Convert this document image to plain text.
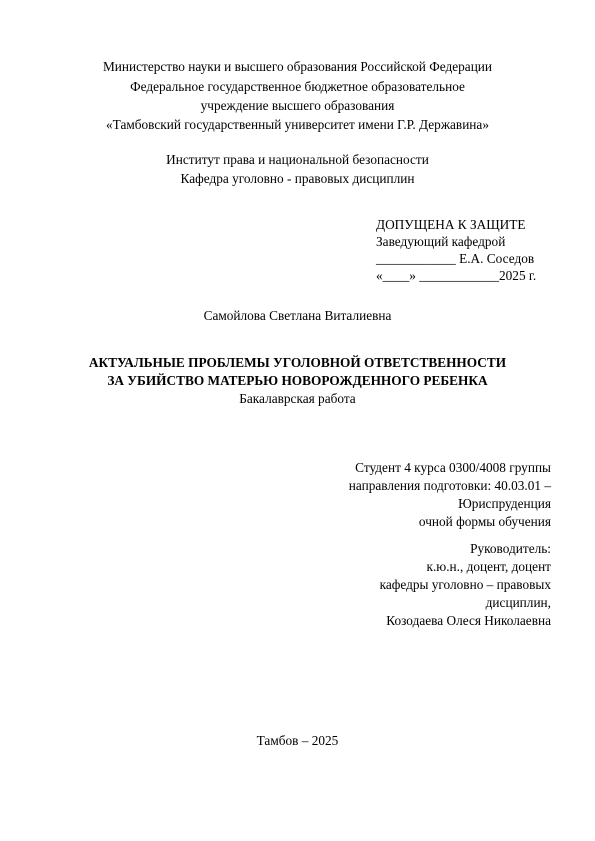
Министерство науки и высшего образования Российской Федерации
Федеральное государственное бюджетное образовательное
учреждение высшего образования
«Тамбовский государственный университет имени Г.Р. Державина»
Институт права и национальной безопасности
Кафедра уголовно - правовых дисциплин
ДОПУЩЕНА К ЗАЩИТЕ
Заведующий кафедрой
____________ Е.А. Соседов
«____» ____________2025 г.
Самойлова Светлана Виталиевна
АКТУАЛЬНЫЕ ПРОБЛЕМЫ УГОЛОВНОЙ ОТВЕТСТВЕННОСТИ
ЗА УБИЙСТВО МАТЕРЬЮ НОВОРОЖДЕННОГО РЕБЕНКА
Бакалаврская работа
Студент 4 курса 0300/4008 группы
направления подготовки: 40.03.01 –
Юриспруденция
очной формы обучения
Руководитель:
к.ю.н., доцент, доцент
кафедры уголовно – правовых
дисциплин,
Козодаева Олеся Николаевна
Тамбов – 2025
